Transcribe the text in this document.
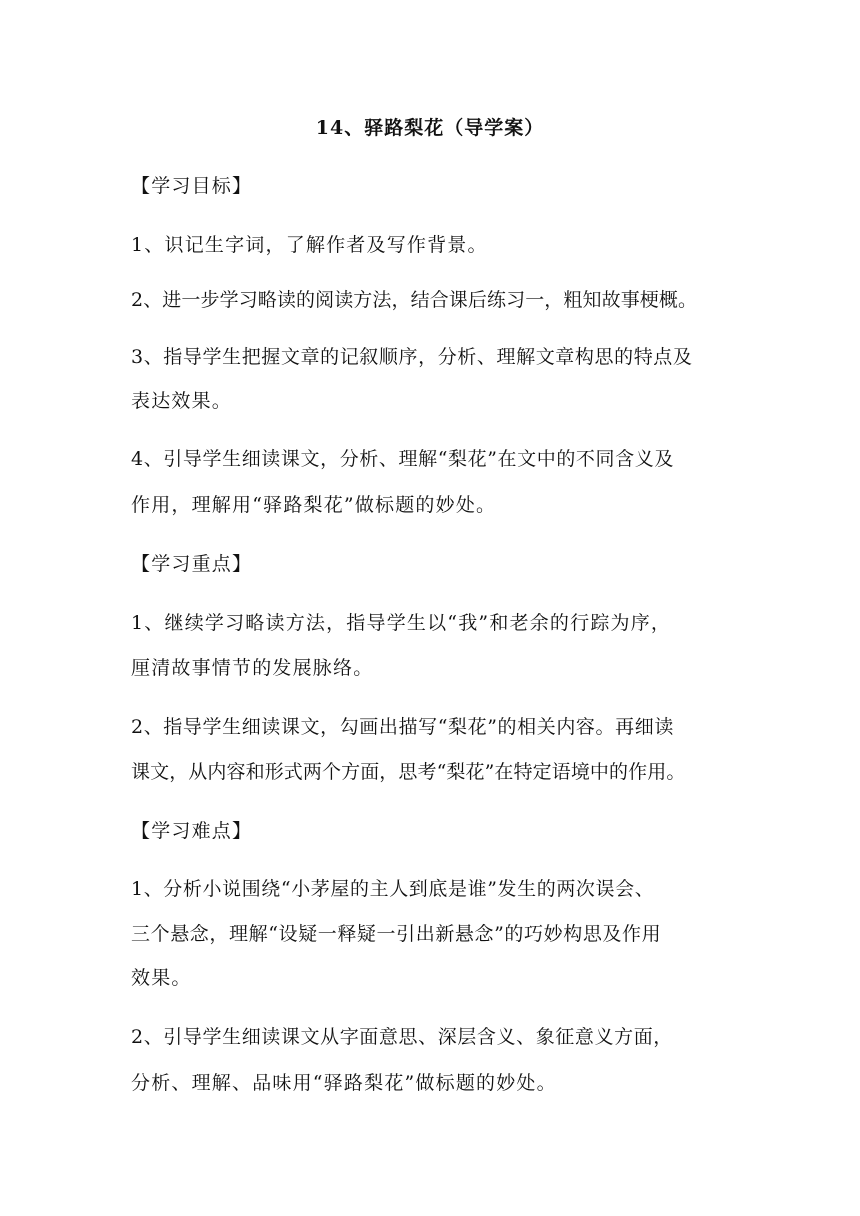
14、驿路梨花（导学案）
【学习目标】
1、识记生字词，了解作者及写作背景。
2、进一步学习略读的阅读方法，结合课后练习一，粗知故事梗概。
3、指导学生把握文章的记叙顺序，分析、理解文章构思的特点及
表达效果。
4、引导学生细读课文，分析、理解“梨花”在文中的不同含义及
作用，理解用“驿路梨花”做标题的妙处。
【学习重点】
1、继续学习略读方法，指导学生以“我”和老余的行踪为序，
厘清故事情节的发展脉络。
2、指导学生细读课文，勾画出描写“梨花”的相关内容。再细读
课文，从内容和形式两个方面，思考“梨花”在特定语境中的作用。
【学习难点】
1、分析小说围绕“小茅屋的主人到底是谁”发生的两次误会、
三个悬念，理解“设疑一释疑一引出新悬念”的巧妙构思及作用
效果。
2、引导学生细读课文从字面意思、深层含义、象征意义方面，
分析、理解、品味用“驿路梨花”做标题的妙处。
